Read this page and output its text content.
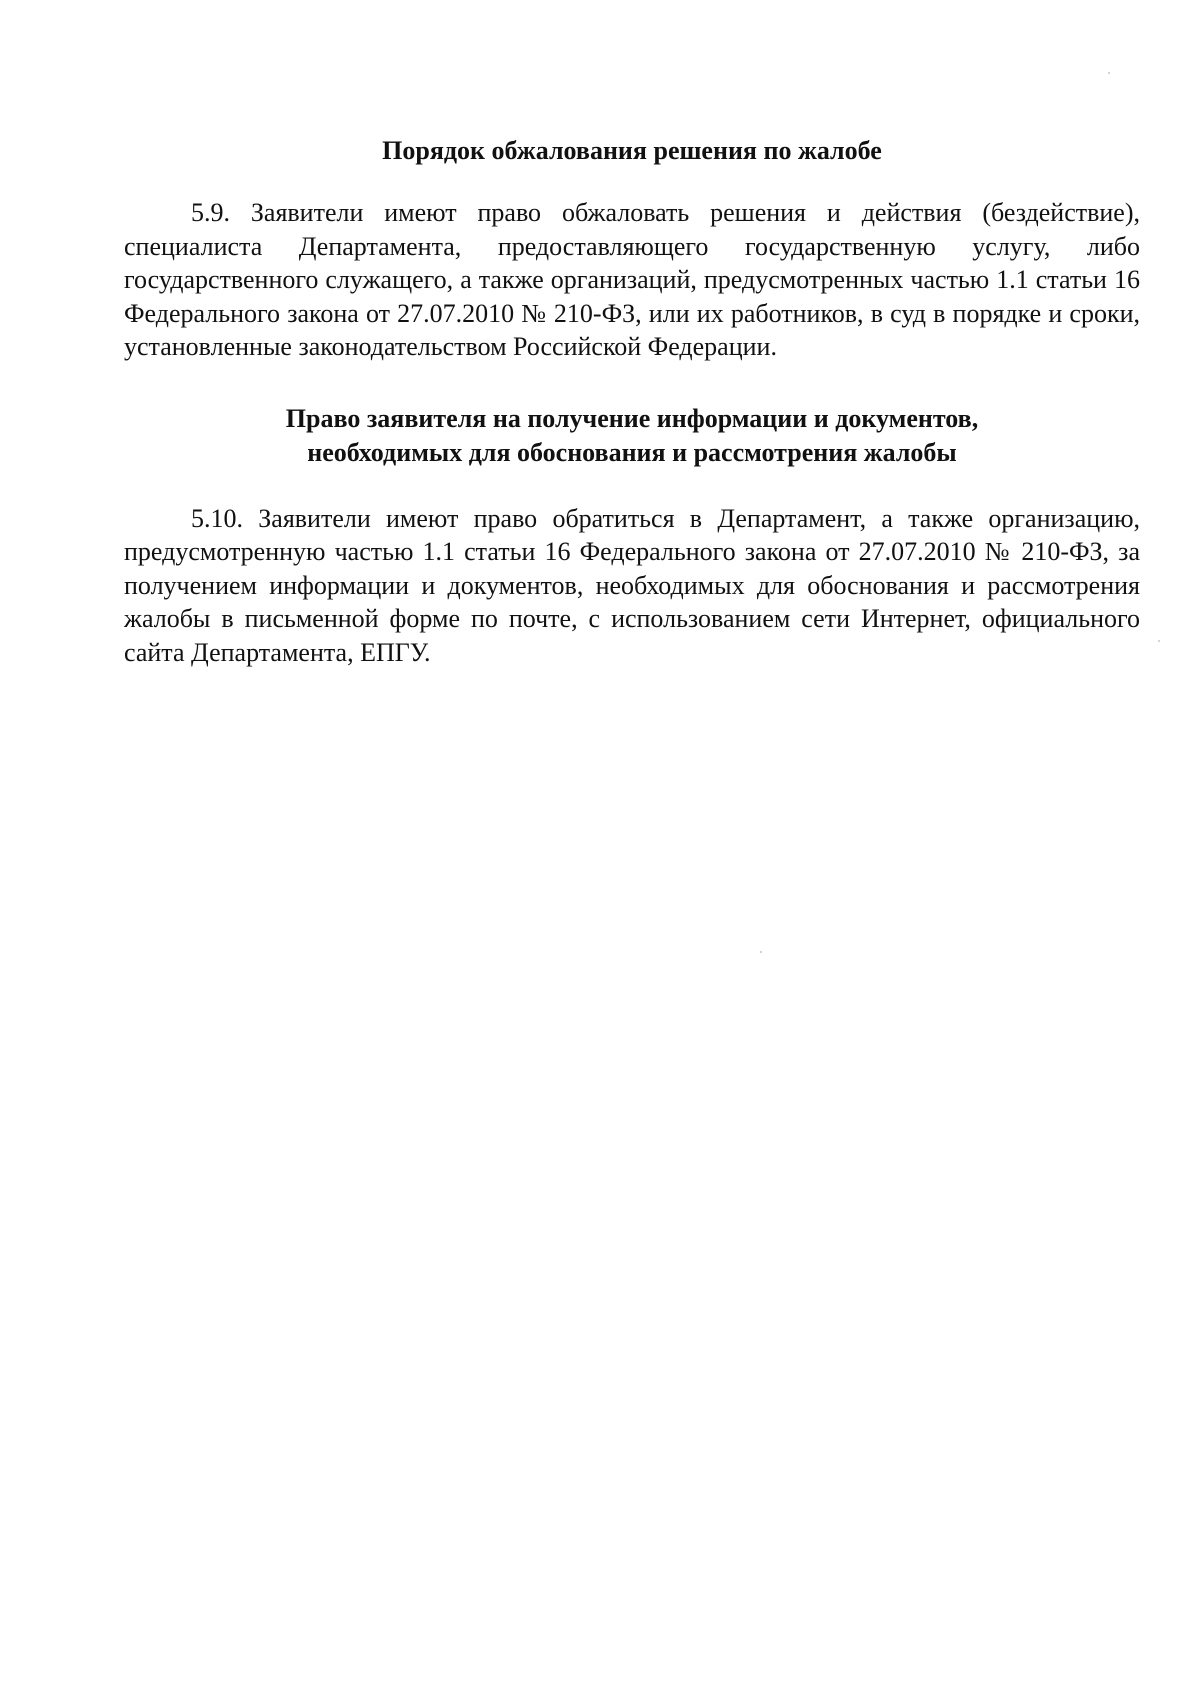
Порядок обжалования решения по жалобе

5.9. Заявители имеют право обжаловать решения и действия (бездействие), специалиста Департамента, предоставляющего государственную услугу, либо государственного служащего, а также организаций, предусмотренных частью 1.1 статьи 16 Федерального закона от 27.07.2010 № 210-ФЗ, или их работников, в суд в порядке и сроки, установленные законодательством Российской Федерации.

Право заявителя на получение информации и документов,
необходимых для обоснования и рассмотрения жалобы

5.10. Заявители имеют право обратиться в Департамент, а также организацию, предусмотренную частью 1.1 статьи 16 Федерального закона от 27.07.2010 № 210-ФЗ, за получением информации и документов, необходимых для обоснования и рассмотрения жалобы в письменной форме по почте, с использованием сети Интернет, официального сайта Департамента, ЕПГУ.
